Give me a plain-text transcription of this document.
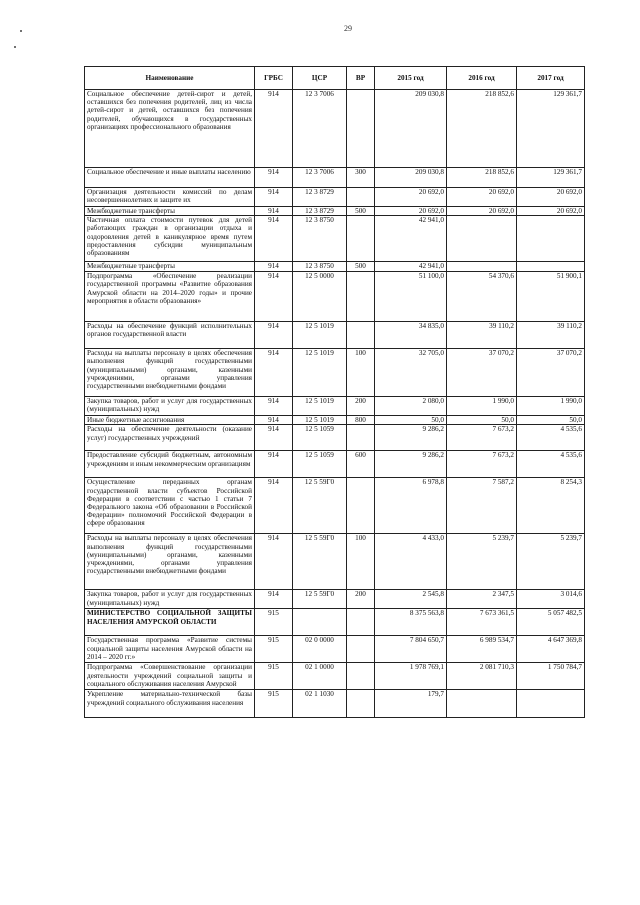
29
Наименование	ГРБС	ЦСР	ВР	2015 год	2016 год	2017 год
Социальное обеспечение детей-сирот и детей, оставшихся без попечения родителей, лиц из числа детей-сирот и детей, оставшихся без попечения родителей, обучающихся в государственных организациях профессионального образования	914	12 3 7006		209 030,8	218 852,6	129 361,7
Социальное обеспечение и иные выплаты населению	914	12 3 7006	300	209 030,8	218 852,6	129 361,7
Организация деятельности комиссий по делам несовершеннолетних и защите их	914	12 3 8729		20 692,0	20 692,0	20 692,0
Межбюджетные трансферты	914	12 3 8729	500	20 692,0	20 692,0	20 692,0
Частичная оплата стоимости путевок для детей работающих граждан в организации отдыха и оздоровления детей в каникулярное время путем предоставления субсидии муниципальным образованиям	914	12 3 8750		42 941,0		
Межбюджетные трансферты	914	12 3 8750	500	42 941,0		
Подпрограмма «Обеспечение реализации государственной программы «Развитие образования Амурской области на 2014–2020 годы» и прочие мероприятия в области образования»	914	12 5 0000		51 100,0	54 370,6	51 900,1
Расходы на обеспечение функций исполнительных органов государственной власти	914	12 5 1019		34 835,0	39 110,2	39 110,2
Расходы на выплаты персоналу в целях обеспечения выполнения функций государственными (муниципальными) органами, казенными учреждениями, органами управления государственными внебюджетными фондами	914	12 5 1019	100	32 705,0	37 070,2	37 070,2
Закупка товаров, работ и услуг для государственных (муниципальных) нужд	914	12 5 1019	200	2 080,0	1 990,0	1 990,0
Иные бюджетные ассигнования	914	12 5 1019	800	50,0	50,0	50,0
Расходы на обеспечение деятельности (оказание услуг) государственных учреждений	914	12 5 1059		9 286,2	7 673,2	4 535,6
Предоставление субсидий бюджетным, автономным учреждениям и иным некоммерческим организациям	914	12 5 1059	600	9 286,2	7 673,2	4 535,6
Осуществление переданных органам государственной власти субъектов Российской Федерации в соответствии с частью 1 статьи 7 Федерального закона «Об образовании в Российской Федерации» полномочий Российской Федерации в сфере образования	914	12 5 59Г0		6 978,8	7 587,2	8 254,3
Расходы на выплаты персоналу в целях обеспечения выполнения функций государственными (муниципальными) органами, казенными учреждениями, органами управления государственными внебюджетными фондами	914	12 5 59Г0	100	4 433,0	5 239,7	5 239,7
Закупка товаров, работ и услуг для государственных (муниципальных) нужд	914	12 5 59Г0	200	2 545,8	2 347,5	3 014,6
МИНИСТЕРСТВО СОЦИАЛЬНОЙ ЗАЩИТЫ НАСЕЛЕНИЯ АМУРСКОЙ ОБЛАСТИ	915			8 375 563,8	7 673 361,5	5 057 482,5
Государственная программа «Развитие системы социальной защиты населения Амурской области на 2014 – 2020 гг.»	915	02 0 0000		7 804 650,7	6 989 534,7	4 647 369,8
Подпрограмма «Совершенствование организации деятельности учреждений социальной защиты и социального обслуживания населения Амурской	915	02 1 0000		1 978 769,1	2 081 710,3	1 750 784,7
Укрепление материально-технической базы учреждений социального обслуживания населения	915	02 1 1030		179,7		
